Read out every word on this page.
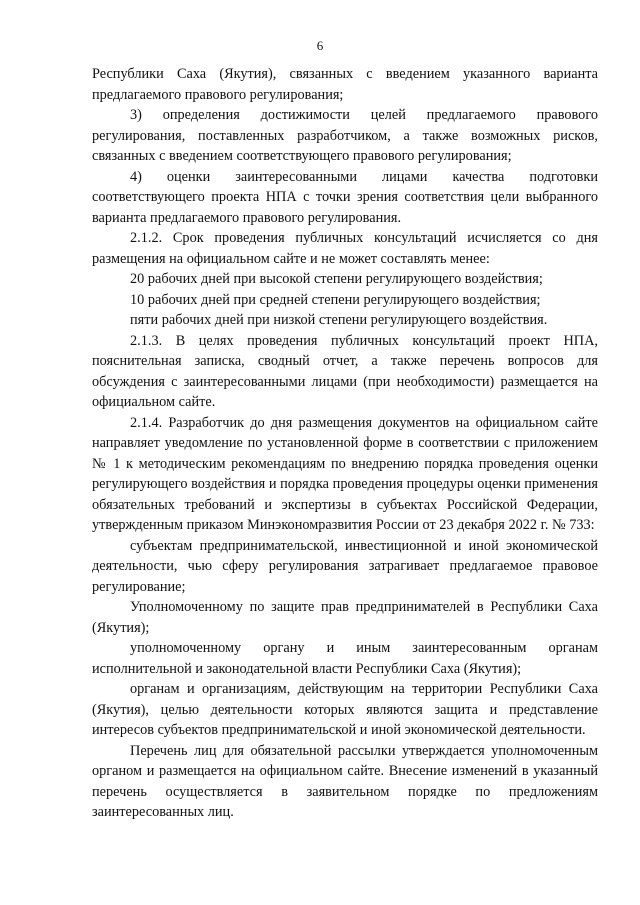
6

Республики Саха (Якутия), связанных с введением указанного варианта предлагаемого правового регулирования;

3) определения достижимости целей предлагаемого правового регулирования, поставленных разработчиком, а также возможных рисков, связанных с введением соответствующего правового регулирования;

4) оценки заинтересованными лицами качества подготовки соответствующего проекта НПА с точки зрения соответствия цели выбранного варианта предлагаемого правового регулирования.

2.1.2. Срок проведения публичных консультаций исчисляется со дня размещения на официальном сайте и не может составлять менее:

20 рабочих дней при высокой степени регулирующего воздействия;

10 рабочих дней при средней степени регулирующего воздействия;

пяти рабочих дней при низкой степени регулирующего воздействия.

2.1.3. В целях проведения публичных консультаций проект НПА, пояснительная записка, сводный отчет, а также перечень вопросов для обсуждения с заинтересованными лицами (при необходимости) размещается на официальном сайте.

2.1.4. Разработчик до дня размещения документов на официальном сайте направляет уведомление по установленной форме в соответствии с приложением № 1 к методическим рекомендациям по внедрению порядка проведения оценки регулирующего воздействия и порядка проведения процедуры оценки применения обязательных требований и экспертизы в субъектах Российской Федерации, утвержденным приказом Минэкономразвития России от 23 декабря 2022 г. № 733:

субъектам предпринимательской, инвестиционной и иной экономической деятельности, чью сферу регулирования затрагивает предлагаемое правовое регулирование;

Уполномоченному по защите прав предпринимателей в Республики Саха (Якутия);

уполномоченному органу и иным заинтересованным органам исполнительной и законодательной власти Республики Саха (Якутия);

органам и организациям, действующим на территории Республики Саха (Якутия), целью деятельности которых являются защита и представление интересов субъектов предпринимательской и иной экономической деятельности.

Перечень лиц для обязательной рассылки утверждается уполномоченным органом и размещается на официальном сайте. Внесение изменений в указанный перечень осуществляется в заявительном порядке по предложениям заинтересованных лиц.
